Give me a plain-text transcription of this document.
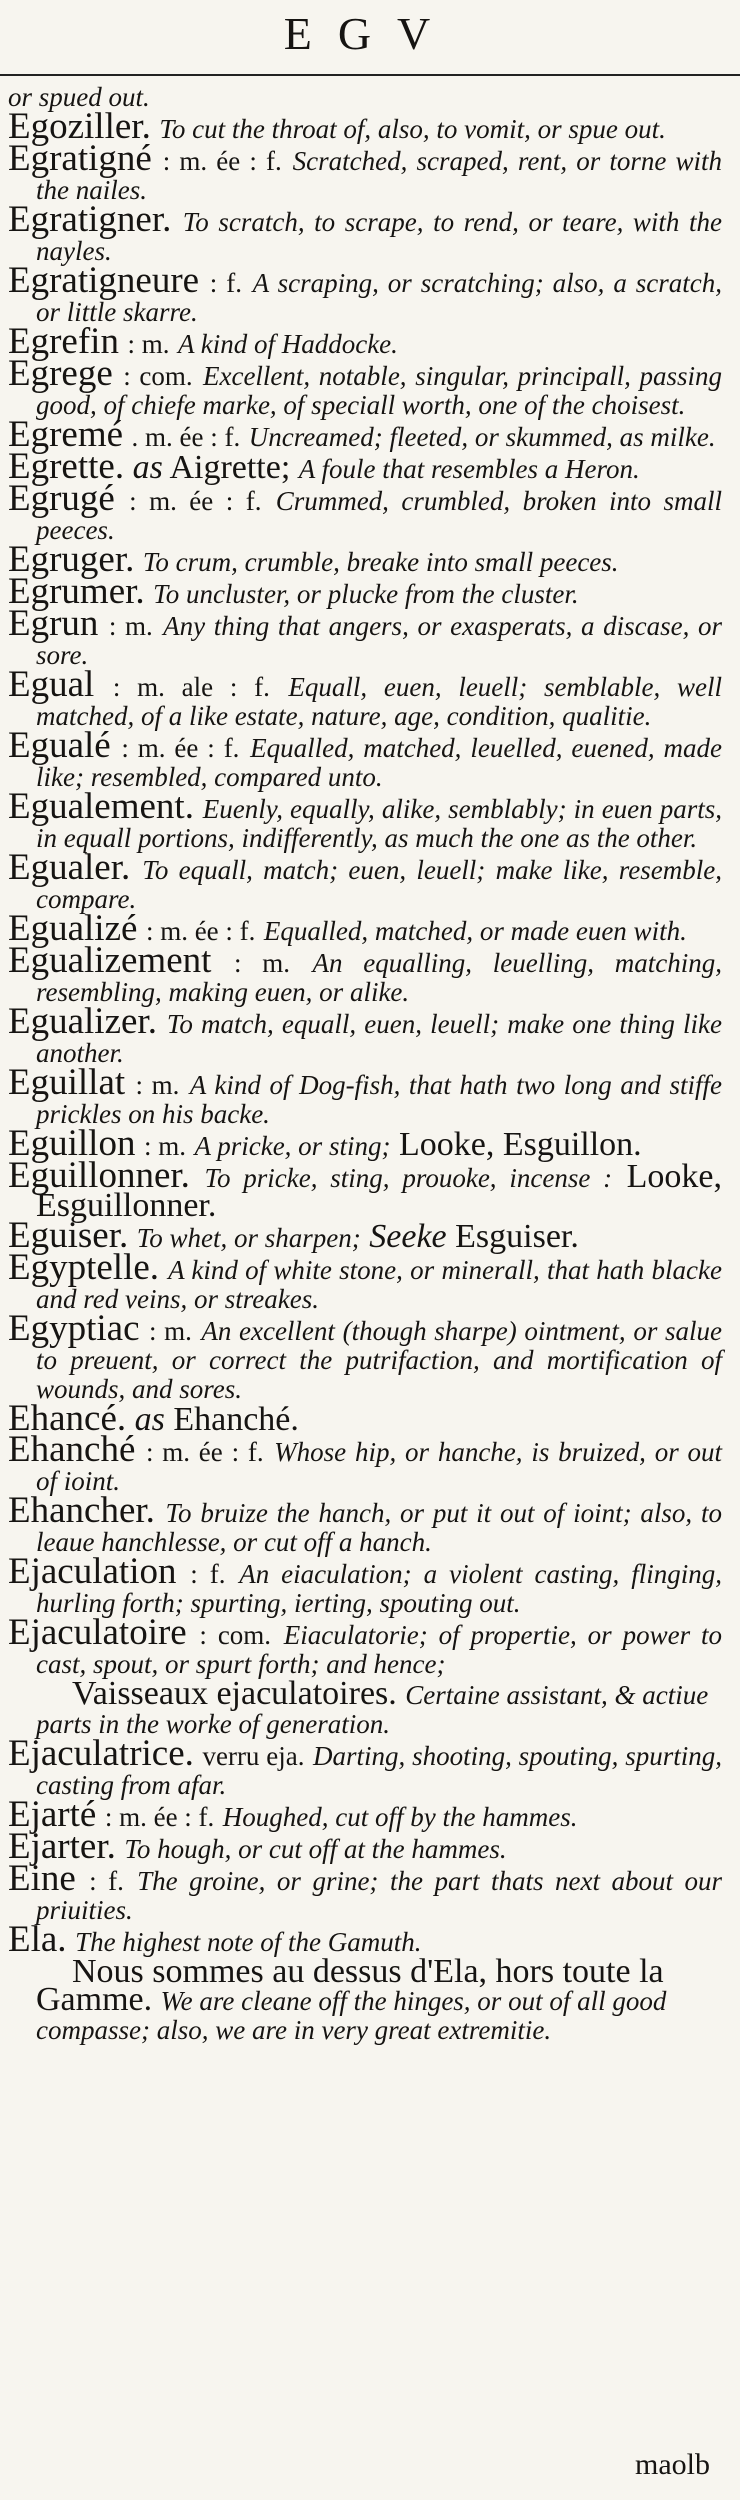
EGV
or spued out.
Egoziller. To cut the throat of, also, to vomit, or spue out.
Egratigné : m. ée : f. Scratched, scraped, rent, or torne with the nailes.
Egratigner. To scratch, to scrape, to rend, or teare, with the nayles.
Egratigneure : f. A scraping, or scratching; also, a scratch, or little skarre.
Egrefin : m. A kind of Haddocke.
Egrege : com. Excellent, notable, singular, principall, passing good, of chiefe marke, of speciall worth, one of the choisest.
Egremé . m. ée : f. Uncreamed; fleeted, or skummed, as milke.
Egrette. as Aigrette; A foule that resembles a Heron.
Egrugé : m. ée : f. Crummed, crumbled, broken into small peeces.
Egruger. To crum, crumble, breake into small peeces.
Egrumer. To uncluster, or plucke from the cluster.
Egrun : m. Any thing that angers, or exasperats, a discase, or sore.
Egual : m. ale : f. Equall, euen, leuell; semblable, well matched, of a like estate, nature, age, condition, qualitie.
Egualé : m. ée : f. Equalled, matched, leuelled, euened, made like; resembled, compared unto.
Egualement. Euenly, equally, alike, semblably; in euen parts, in equall portions, indifferently, as much the one as the other.
Egualer. To equall, match; euen, leuell; make like, resemble, compare.
Egualizé : m. ée : f. Equalled, matched, or made euen with.
Egualizement : m. An equalling, leuelling, matching, resembling, making euen, or alike.
Egualizer. To match, equall, euen, leuell; make one thing like another.
Eguillat : m. A kind of Dog-fish, that hath two long and stiffe prickles on his backe.
Eguillon : m. A pricke, or sting; Looke, Esguillon.
Eguillonner. To pricke, sting, prouoke, incense : Looke, Esguillonner.
Eguiser. To whet, or sharpen; Seeke Esguiser.
Egyptelle. A kind of white stone, or minerall, that hath blacke and red veins, or streakes.
Egyptiac : m. An excellent (though sharpe) ointment, or salue to preuent, or correct the putrifaction, and mortification of wounds, and sores.
Ehancé. as Ehanché.
Ehanché : m. ée : f. Whose hip, or hanche, is bruized, or out of ioint.
Ehancher. To bruize the hanch, or put it out of ioint; also, to leaue hanchlesse, or cut off a hanch.
Ejaculation : f. An eiaculation; a violent casting, flinging, hurling forth; spurting, ierting, spouting out.
Ejaculatoire : com. Eiaculatorie; of propertie, or power to cast, spout, or spurt forth; and hence;
Vaisseaux ejaculatoires. Certaine assistant, & actiue parts in the worke of generation.
Ejaculatrice. verru eja. Darting, shooting, spouting, spurting, casting from afar.
Ejarté : m. ée : f. Houghed, cut off by the hammes.
Ejarter. To hough, or cut off at the hammes.
Eine : f. The groine, or grine; the part thats next about our priuities.
Ela. The highest note of the Gamuth.
Nous sommes au dessus d'Ela, hors toute la Gamme. We are cleane off the hinges, or out of all good compasse; also, we are in very great extremitie.
maolb
